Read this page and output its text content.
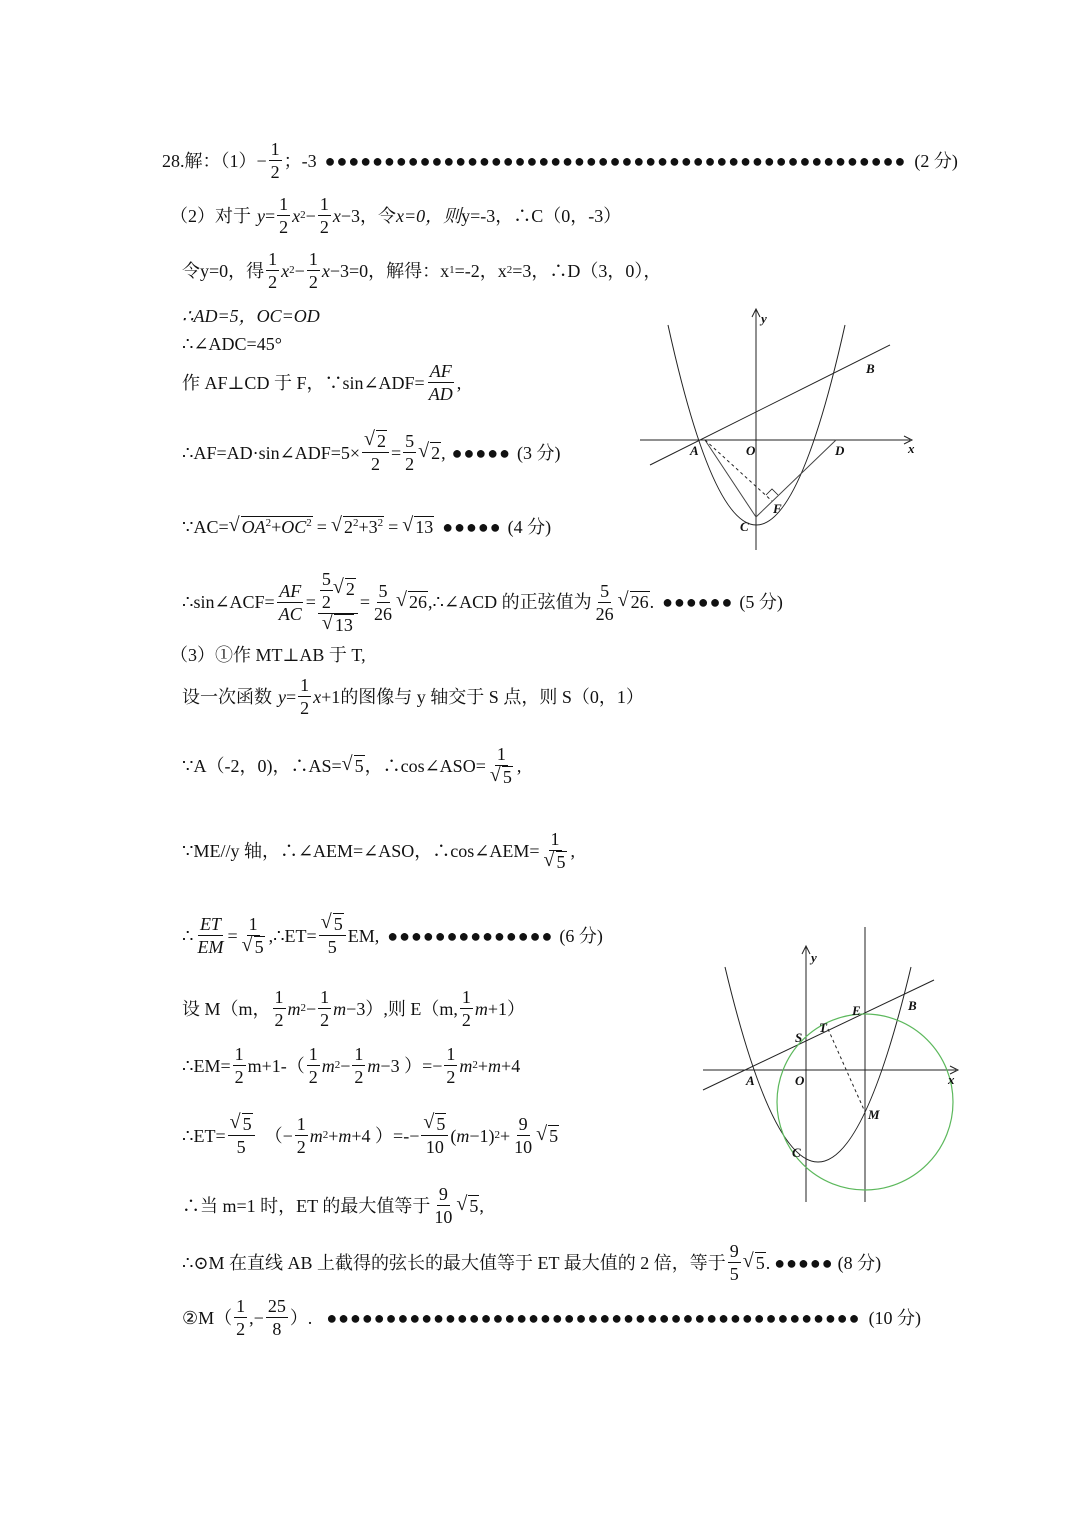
28.解：$(1) - \frac{1}{2}$ ；-3 ●●●●●●●●●●●●●●●●●●●●●●●●●●●●●●●●●●●●●●●●●●●●●●●●● (2 分)
（2）对于 $y = \frac{1}{2}$ x $2 - \frac{1}{2}$ x −3 ，令 x=0，则 y=-3，∴C（0，-3）
令 y=0，得
1
2
x $2 - \frac{1}{2}$ x −3=0 ，解得：x 1 =-2，x 2 =3，∴D（3，0），
∴AD=5，OC=OD
∴∠ADC=45°
作 AF⊥CD 于 F，∵sin∠ADF= $\frac{AF}{AD}$ ,
∴AF=AD·sin∠ADF=5× √ $\frac{2}{2} = \frac{5}{2}$ √ 2 , ●●●●● (3 分)
∵AC= √ $OA^2+OC^2$ = √ $2^2+3^2$ = √ 13 ●●●●● (4 分)
∴sin∠ACF= $\frac{AF}{AC} = \frac{5}{2}$ √ 2
√ $13 = \frac{5}{26}$ √ 26 ,∴∠ACD 的正弦值为
5
26
√ 26 . ●●●●●● (5 分)
（3）①作 MT⊥AB 于 T,
设一次函数 $y = \frac{1}{2}$ x +1 的图像与 y 轴交于 S 点，则 S（0，1）
∵A（-2，0)，∴AS= √ 5 ，∴cos∠ASO= 1
√ 5 ,
∵ME//y 轴，∴∠AEM=∠ASO，∴cos∠AEM= 1
√ 5 ,
∴ $\frac{ET}{EM} = 1$
√ 5 ,∴ET= √ $\frac{5}{5}$ EM, ●●●●●●●●●●●●●● (6 分)
设 M（m，
1
2
m $2 - \frac{1}{2}$ m −3 ）,则 E（m,
1
2
m +1）
∴EM= $\frac{1}{2} m+1-$（
1
2
m $2 - \frac{1}{2}$ m −3 ）=− $\frac{1}{2}$ m 2 + m +4
∴ET= √ $\frac{5}{5}$ （− $\frac{1}{2}$ m 2 + m +4 ）=-− √ $\frac{5}{10}$ ( m −1) $2 + \frac{9}{10}$ √ 5
∴当 m=1 时，ET 的最大值等于
9
10
√ 5 ,
∴⊙M 在直线 AB 上截得的弦长的最大值等于 ET 最大值的 2 倍，等于
9
5
√ 5 . ●●●●● (8 分)
②M（
1
2
,− $\frac{25}{8}$ ）. ●●●●●●●●●●●●●●●●●●●●●●●●●●●●●●●●●●●●●●●●●●●●● (10 分)
y
x
A	O	D
B
F
C
y
x
A	O
S
T
E	B
M
C
